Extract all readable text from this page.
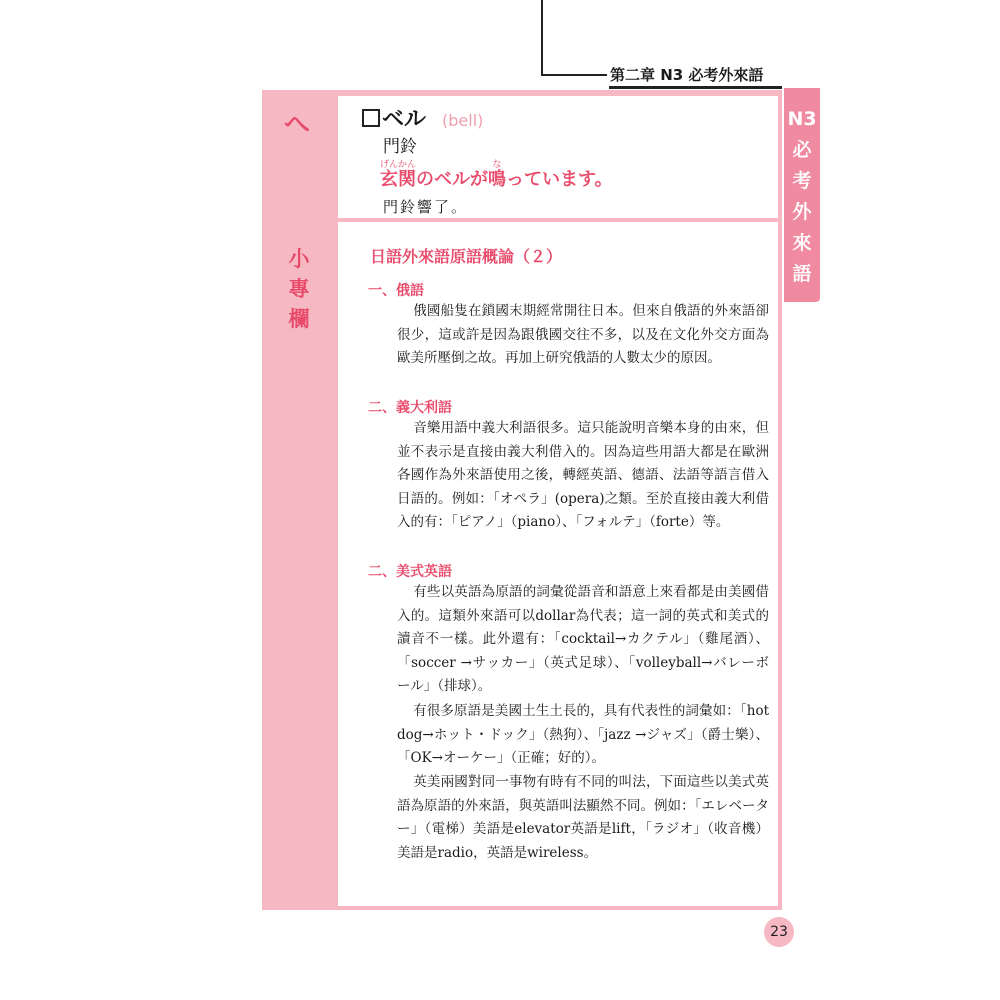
第二章 N3 必考外來語
へ
小
專
欄
N3
必
考
外
來
語
ベル (bell)
門鈴
玄関げんかんのベルが鳴なっています。
門鈴響了。
日語外來語原語概論（２）
一、俄語

俄國船隻在鎖國末期經常開往日本。但來自俄語的外來語卻很少，這或許是因為跟俄國交往不多，以及在文化外交方面為歐美所壓倒之故。再加上研究俄語的人數太少的原因。

二、義大利語

音樂用語中義大利語很多。這只能說明音樂本身的由來，但並不表示是直接由義大利借入的。因為這些用語大都是在歐洲各國作為外來語使用之後，轉經英語、德語、法語等語言借入日語的。例如：「オペラ」(opera)之類。至於直接由義大利借入的有：「ピアノ」（piano）、「フォルテ」（forte）等。

二、美式英語

有些以英語為原語的詞彙從語音和語意上來看都是由美國借入的。這類外來語可以dollar為代表；這一詞的英式和美式的讀音不一樣。此外還有：「cocktail→カクテル」（雞尾酒）、「soccer →サッカー」（英式足球）、「volleyball→バレーボール」（排球）。

有很多原語是美國土生土長的，具有代表性的詞彙如：「hot dog→ホット・ドック」（熱狗）、「jazz →ジャズ」（爵士樂）、「OK→オーケー」（正確；好的）。

英美兩國對同一事物有時有不同的叫法，下面這些以美式英語為原語的外來語，與英語叫法顯然不同。例如：「エレベーター」（電梯）美語是elevator英語是lift，「ラジオ」（收音機）美語是radio，英語是wireless。

23
